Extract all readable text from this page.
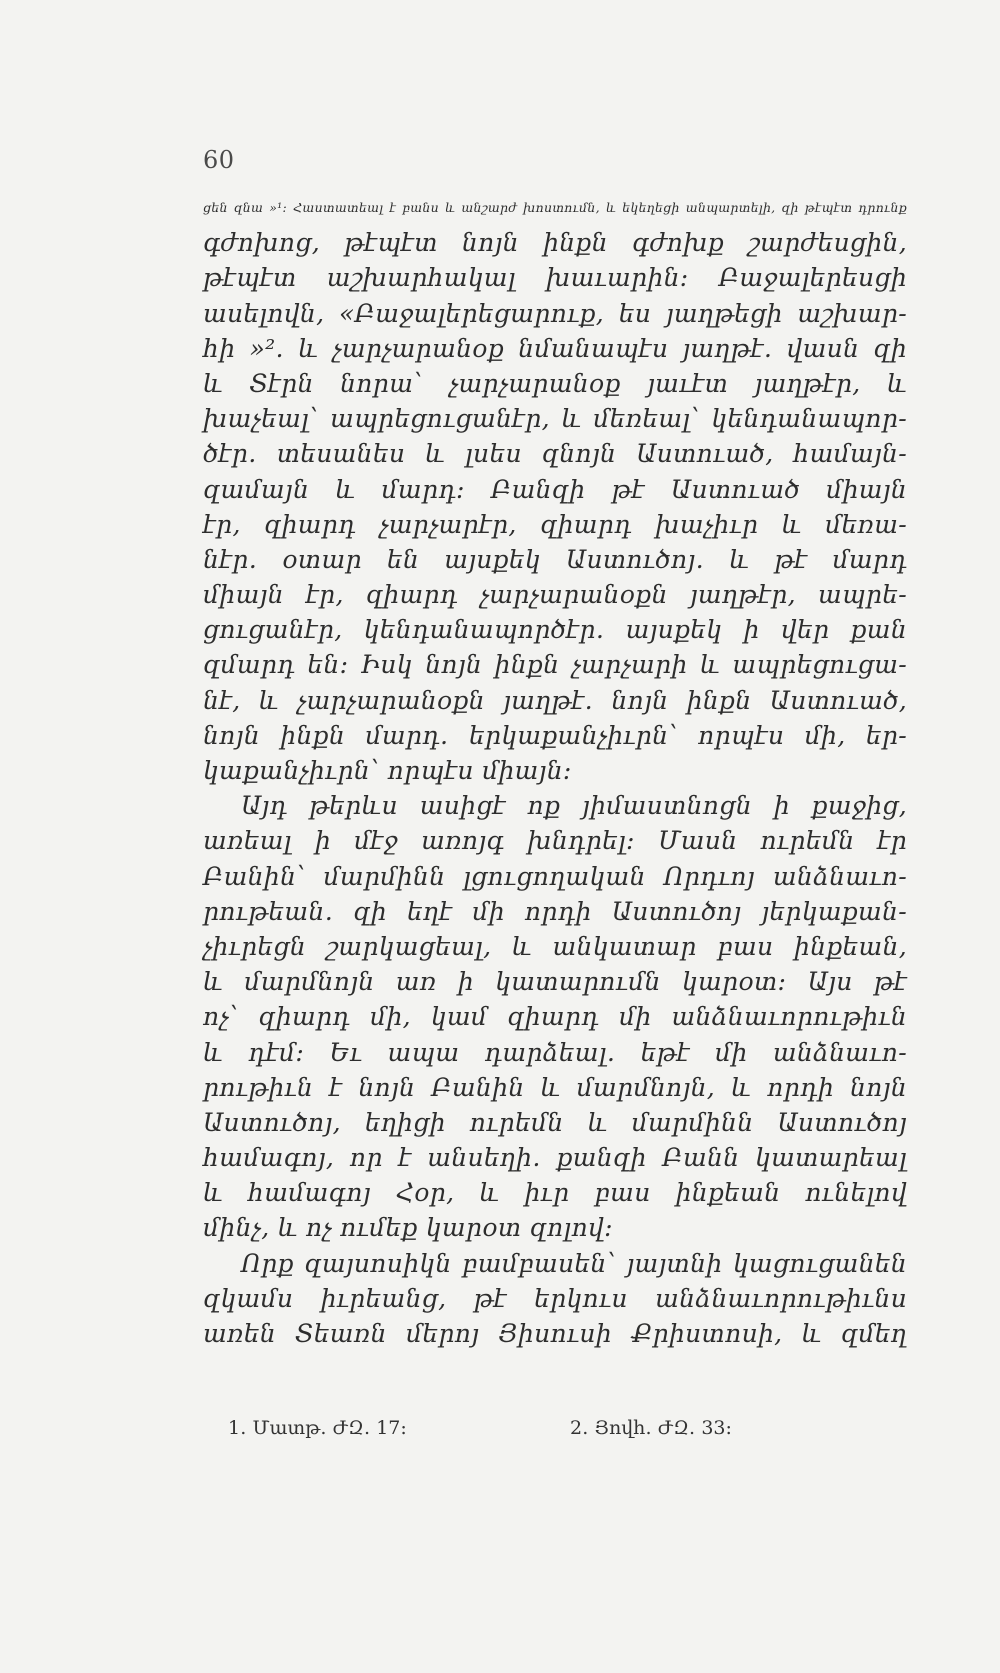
60
ցեն զնա »¹։ Հաստատեալ է բանս և անշարժ խոստումն, և եկեղեցի անպարտելի, զի թէպէտ դրունք
գժոխոց, թէպէտ նոյն ինքն գժոխք շարժեսցին,
թէպէտ աշխարհակալ խաւարին։ Բաջալերեսցի
ասելովն, «Բաջալերեցարուք, ես յաղթեցի աշխար-
հի »²․ և չարչարանօք նմանապէս յաղթէ․ վասն զի
և Տէրն նորա՝ չարչարանօք յաւէտ յաղթէր, և
խաչեալ՝ ապրեցուցանէր, և մեռեալ՝ կենդանապոր-
ծէր․ տեսանես և լսես զնոյն Աստուած, համայն-
զամայն և մարդ։ Բանզի թէ Աստուած միայն
էր, զիարդ չարչարէր, զիարդ խաչիւր և մեռա-
նէր․ օտար են այսքեկ Աստուծոյ․ և թէ մարդ
միայն էր, զիարդ չարչարանօքն յաղթէր, ապրե-
ցուցանէր, կենդանապործէր․ այսքեկ ի վեր քան
զմարդ են։ Իսկ նոյն ինքն չարչարի և ապրեցուցա-
նէ, և չարչարանօքն յաղթէ․ նոյն ինքն Աստուած,
նոյն ինքն մարդ․ երկաքանչիւրն՝ որպէս մի, եր-
կաքանչիւրն՝ որպէս միայն։
Այդ թերևս ասիցէ ոք յիմաստնոցն ի քաջից,
առեալ ի մէջ առոյգ խնդրել։ Մասն ուրեմն էր
Բանին՝ մարմինն լցուցողական Որդւոյ անձնաւո-
րութեան․ զի եղէ մի որդի Աստուծոյ յերկաքան-
չիւրեցն շարկացեալ, և անկատար բաս ինքեան,
և մարմնոյն առ ի կատարումն կարօտ։ Այս թէ
ոչ՝ զիարդ մի, կամ զիարդ մի անձնաւորութիւն
և դէմ։ Եւ ապա դարձեալ․ եթէ մի անձնաւո-
րութիւն է նոյն Բանին և մարմնոյն, և որդի նոյն
Աստուծոյ, եղիցի ուրեմն և մարմինն Աստուծոյ
համագոյ, որ է անսեղի․ քանզի Բանն կատարեալ
և համագոյ Հօր, և իւր բաս ինքեան ունելով
մինչ, և ոչ ումեք կարօտ զոլով։
Որք զայսոսիկն բամբասեն՝ յայտնի կացուցանեն
զկամս իւրեանց, թէ երկուս անձնաւորութիւնս
առեն Տեառն մերոյ Յիսուսի Քրիստոսի, և զմեղ
1․ Մատթ․ ԺԶ․ 17։	2․ Յովհ․ ԺԶ․ 33։
